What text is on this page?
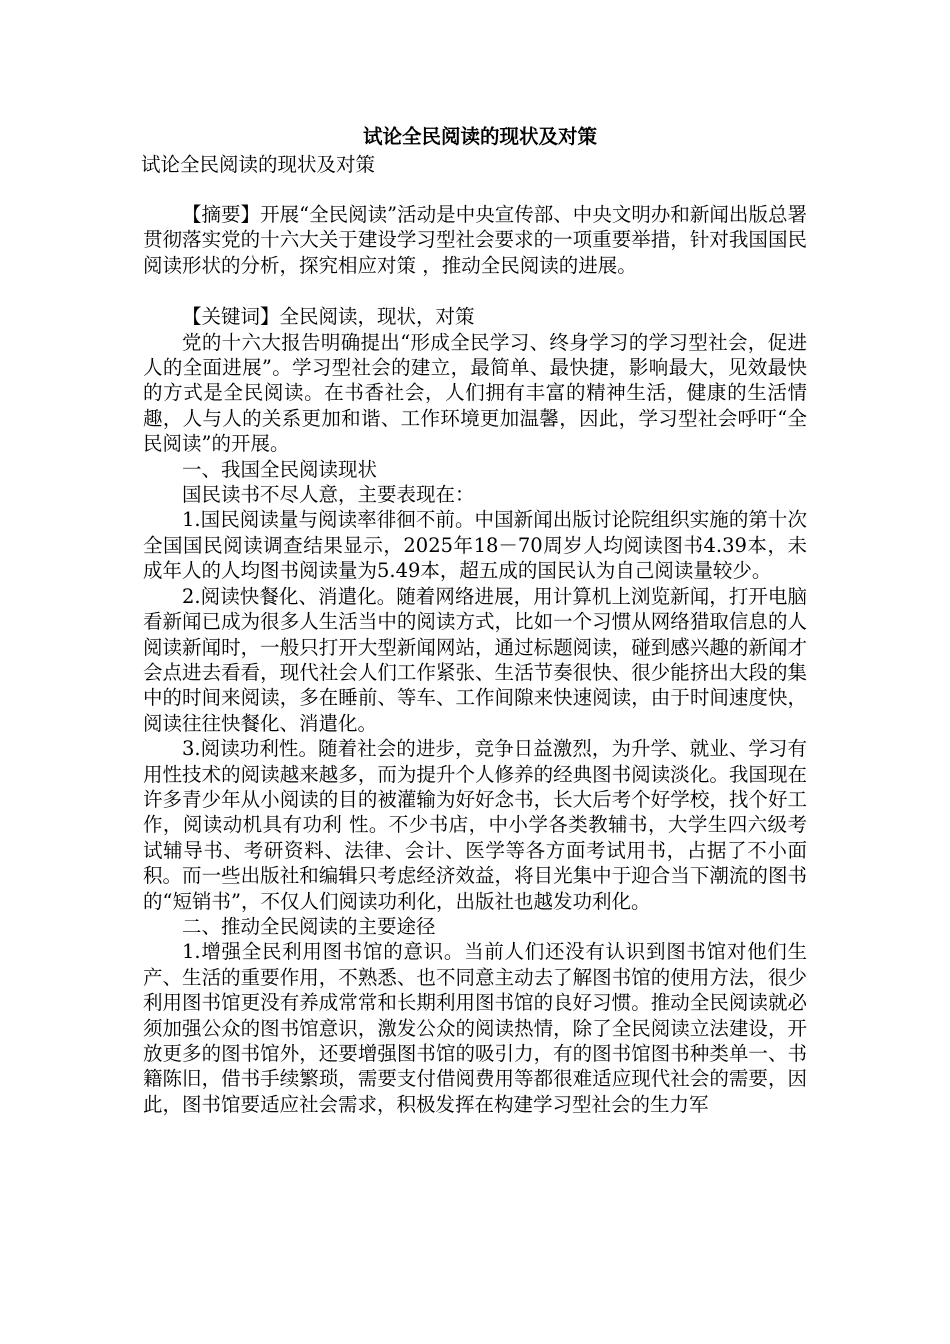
试论全民阅读的现状及对策

试论全民阅读的现状及对策

【摘要】开展“全民阅读”活动是中央宣传部、中央文明办和新闻出版总署贯彻落实党的十六大关于建设学习型社会要求的一项重要举措，针对我国国民阅读形状的分析，探究相应对策 ，推动全民阅读的进展。

【关键词】全民阅读，现状，对策

党的十六大报告明确提出“形成全民学习、终身学习的学习型社会，促进人的全面进展”。学习型社会的建立，最简单、最快捷，影响最大，见效最快的方式是全民阅读。在书香社会，人们拥有丰富的精神生活，健康的生活情趣，人与人的关系更加和谐、工作环境更加温馨，因此，学习型社会呼吁“全民阅读”的开展。

一、我国全民阅读现状

国民读书不尽人意，主要表现在：

1.国民阅读量与阅读率徘徊不前。中国新闻出版讨论院组织实施的第十次全国国民阅读调查结果显示，2025年18－70周岁人均阅读图书4.39本，未成年人的人均图书阅读量为5.49本，超五成的国民认为自己阅读量较少。

2.阅读快餐化、消遣化。随着网络进展，用计算机上浏览新闻，打开电脑看新闻已成为很多人生活当中的阅读方式，比如一个习惯从网络猎取信息的人阅读新闻时，一般只打开大型新闻网站，通过标题阅读，碰到感兴趣的新闻才会点进去看看，现代社会人们工作紧张、生活节奏很快、很少能挤出大段的集中的时间来阅读，多在睡前、等车、工作间隙来快速阅读，由于时间速度快，阅读往往快餐化、消遣化。

3.阅读功利性。随着社会的进步，竞争日益激烈，为升学、就业、学习有用性技术的阅读越来越多，而为提升个人修养的经典图书阅读淡化。我国现在许多青少年从小阅读的目的被灌输为好好念书，长大后考个好学校，找个好工作，阅读动机具有功利 性。不少书店，中小学各类教辅书，大学生四六级考试辅导书、考研资料、法律、会计、医学等各方面考试用书，占据了不小面积。而一些出版社和编辑只考虑经济效益，将目光集中于迎合当下潮流的图书的“短销书”，不仅人们阅读功利化，出版社也越发功利化。

二、推动全民阅读的主要途径

1.增强全民利用图书馆的意识。当前人们还没有认识到图书馆对他们生产、生活的重要作用，不熟悉、也不同意主动去了解图书馆的使用方法，很少利用图书馆更没有养成常常和长期利用图书馆的良好习惯。推动全民阅读就必须加强公众的图书馆意识，激发公众的阅读热情，除了全民阅读立法建设，开放更多的图书馆外，还要增强图书馆的吸引力，有的图书馆图书种类单一、书籍陈旧，借书手续繁琐，需要支付借阅费用等都很难适应现代社会的需要，因此，图书馆要适应社会需求，积极发挥在构建学习型社会的生力军
